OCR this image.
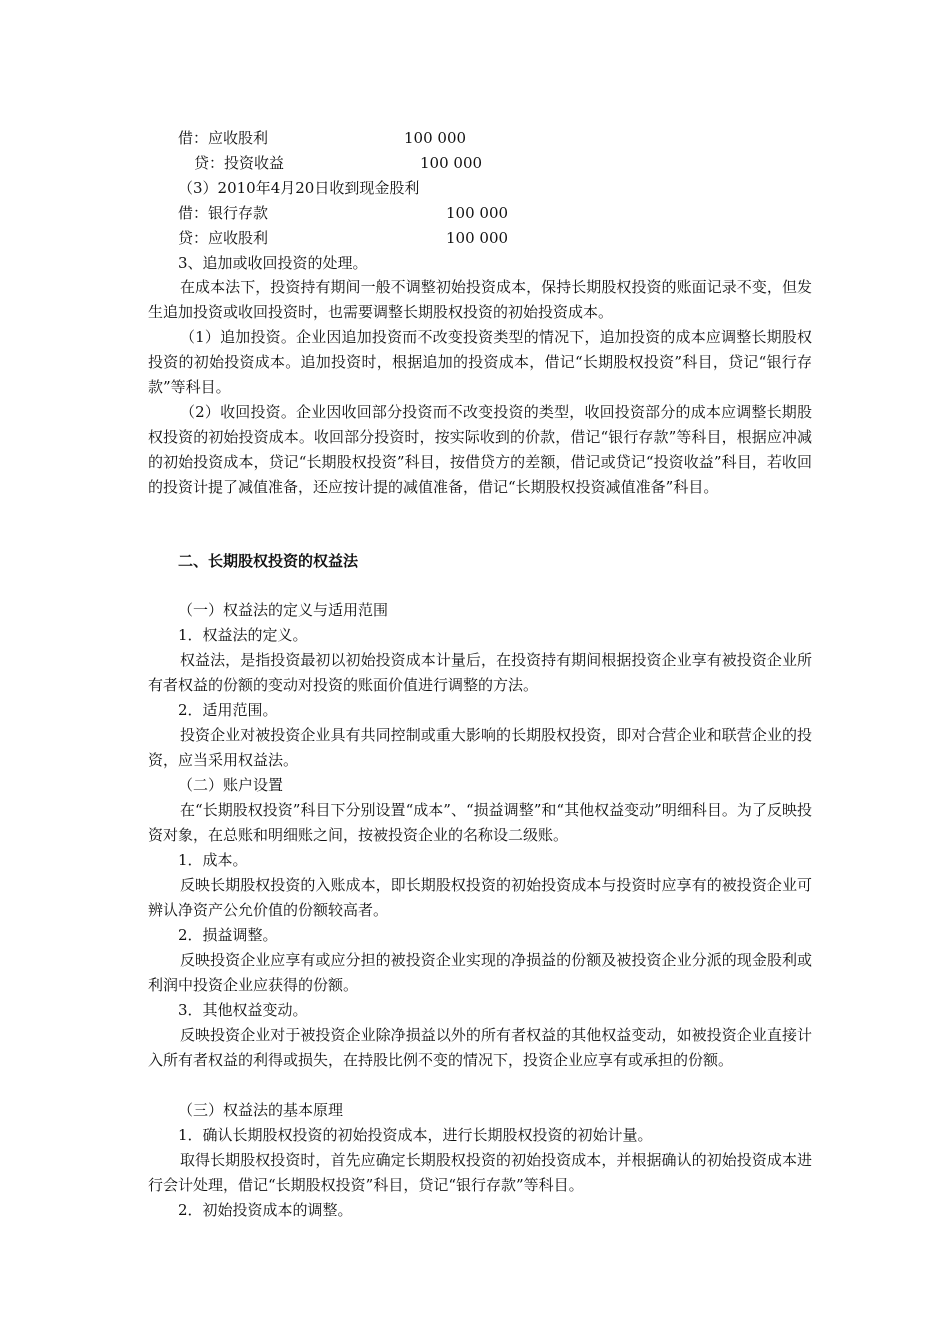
借：应收股利	100 000
贷：投资收益	100 000
（3）2010年4月20日收到现金股利
借：银行存款	100 000
贷：应收股利	100 000
3、追加或收回投资的处理。

在成本法下，投资持有期间一般不调整初始投资成本，保持长期股权投资的账面记录不变，但发生追加投资或收回投资时，也需要调整长期股权投资的初始投资成本。

（1）追加投资。企业因追加投资而不改变投资类型的情况下，追加投资的成本应调整长期股权投资的初始投资成本。追加投资时，根据追加的投资成本，借记“长期股权投资”科目，贷记“银行存款”等科目。

（2）收回投资。企业因收回部分投资而不改变投资的类型，收回投资部分的成本应调整长期股权投资的初始投资成本。收回部分投资时，按实际收到的价款，借记“银行存款”等科目，根据应冲减的初始投资成本，贷记“长期股权投资”科目，按借贷方的差额，借记或贷记“投资收益”科目，若收回的投资计提了减值准备，还应按计提的减值准备，借记“长期股权投资减值准备”科目。

二、长期股权投资的权益法
（一）权益法的定义与适用范围
1．权益法的定义。

权益法，是指投资最初以初始投资成本计量后，在投资持有期间根据投资企业享有被投资企业所有者权益的份额的变动对投资的账面价值进行调整的方法。

2．适用范围。

投资企业对被投资企业具有共同控制或重大影响的长期股权投资，即对合营企业和联营企业的投资，应当采用权益法。

（二）账户设置

在“长期股权投资”科目下分别设置“成本”、“损益调整”和“其他权益变动”明细科目。为了反映投资对象，在总账和明细账之间，按被投资企业的名称设二级账。

1．成本。

反映长期股权投资的入账成本，即长期股权投资的初始投资成本与投资时应享有的被投资企业可辨认净资产公允价值的份额较高者。

2．损益调整。

反映投资企业应享有或应分担的被投资企业实现的净损益的份额及被投资企业分派的现金股利或利润中投资企业应获得的份额。

3．其他权益变动。

反映投资企业对于被投资企业除净损益以外的所有者权益的其他权益变动，如被投资企业直接计入所有者权益的利得或损失，在持股比例不变的情况下，投资企业应享有或承担的份额。

（三）权益法的基本原理
1．确认长期股权投资的初始投资成本，进行长期股权投资的初始计量。

取得长期股权投资时，首先应确定长期股权投资的初始投资成本，并根据确认的初始投资成本进行会计处理，借记“长期股权投资”科目，贷记“银行存款”等科目。

2．初始投资成本的调整。
